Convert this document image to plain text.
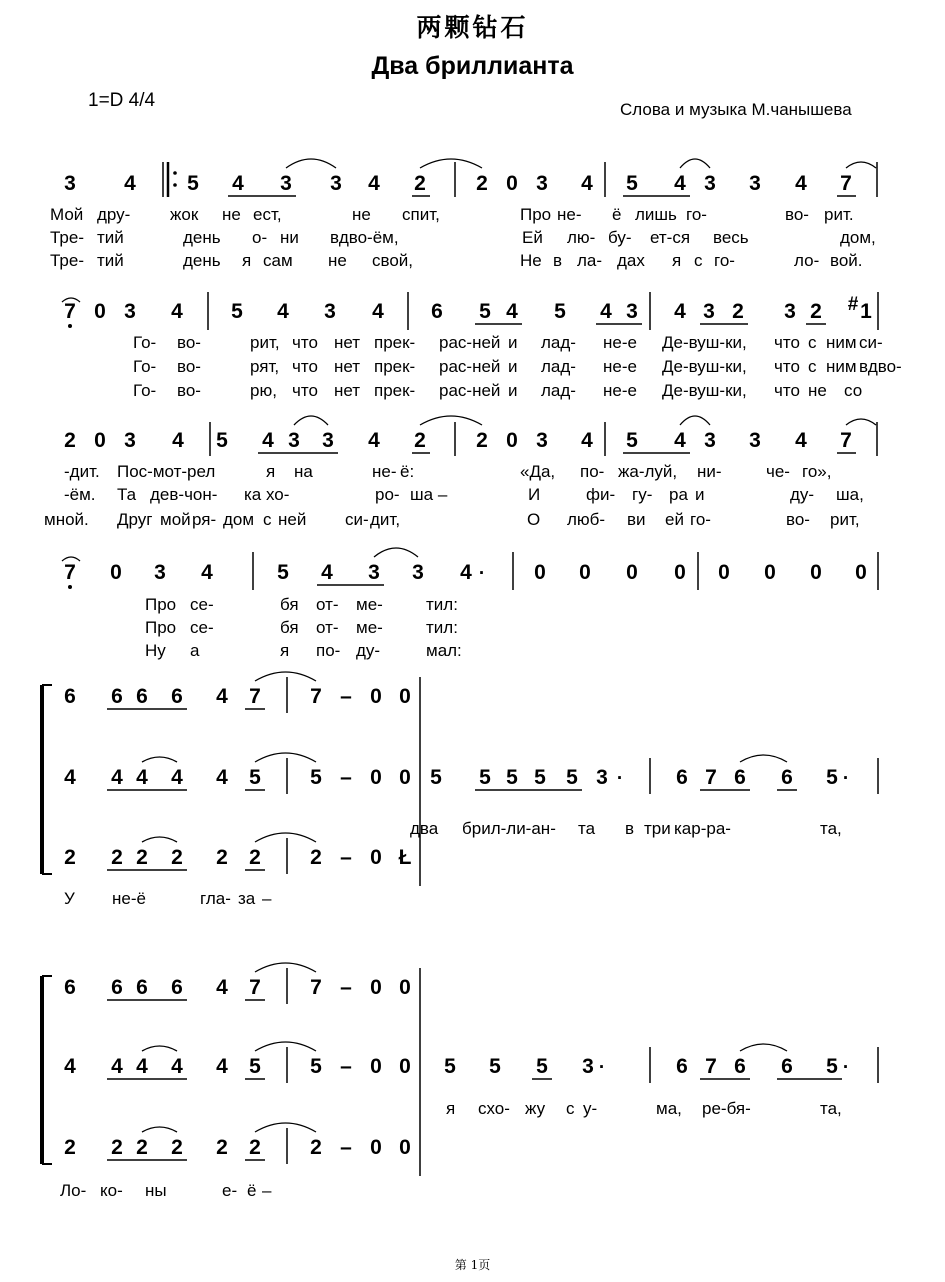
两颗钻石
Два бриллианта
1=D 4/4	Слова и музыка М.чанышева
3 4 5 4 3 3 4 2 2 0 3 4 5 4 3 3 4 7
Мой дру- жок не ест,	не спит,	Про не- ё лишь го-	во- рит.
Тре- тий	день о- ни вдво-ём,	Ей лю- бу- ет-ся весь	дом,
Тре- тий	день я сам не свой,	Не в ла- дах я с го-	ло- вой.
7 0 3 4 5 4 3 4 6 5 4 5 4 3 4 3 2 3 2 # 1
Го- во-	рит, что нет прек- рас-ней и лад- не-е Де-вуш-ки, что с ним си-
Го- во-	рят, что нет прек- рас-ней и лад- не-е Де-вуш-ки, что с ним вдво-
Го- во-	рю, что нет прек- рас-ней и лад- не-е Де-вуш-ки, что не со
2 0 3 4 5 4 3 3 4 2 2 0 3 4 5 4 3 3 4 7
-дит. Пос-мот-рел	я на	не- ё:	«Да, по- жа-луй, ни-	че- го»,
-ём. Та дев-чон- ка хо-	ро- ша –	И	фи- гу- ра и	ду- ша,
мной. Друг мой ря- дом с ней си- дит,	О люб- ви ей го-	во- рит,
7 0 3 4	5 4 3 3 4 · 0 0 0 0 0 0 0 0
Про се-	бя от- ме-	тил:
Про се-	бя от- ме-	тил:
Ну а	я по- ду-	мал:
6 6 6 6 4 7 7 – 0 0
4 4 4 4 4 5 5 – 0 0
2 2 2 2 2 2 2 – 0 Ł
5 5 5 5 5 3 ·	6 7 6 6 5 ·
два брил-ли-ан- та в три кар-ра-	та,
У не-ё	гла- за –
6 6 6 6 4 7 7 – 0 0
4 4 4 4 4 5 5 – 0 0
2 2 2 2 2 2 2 – 0 0
5 5 5 3 ·	6 7 6 6 5 ·
я схо- жу с у-	ма, ре-бя-	та,
Ло- ко- ны	е- ё –
第 1页
